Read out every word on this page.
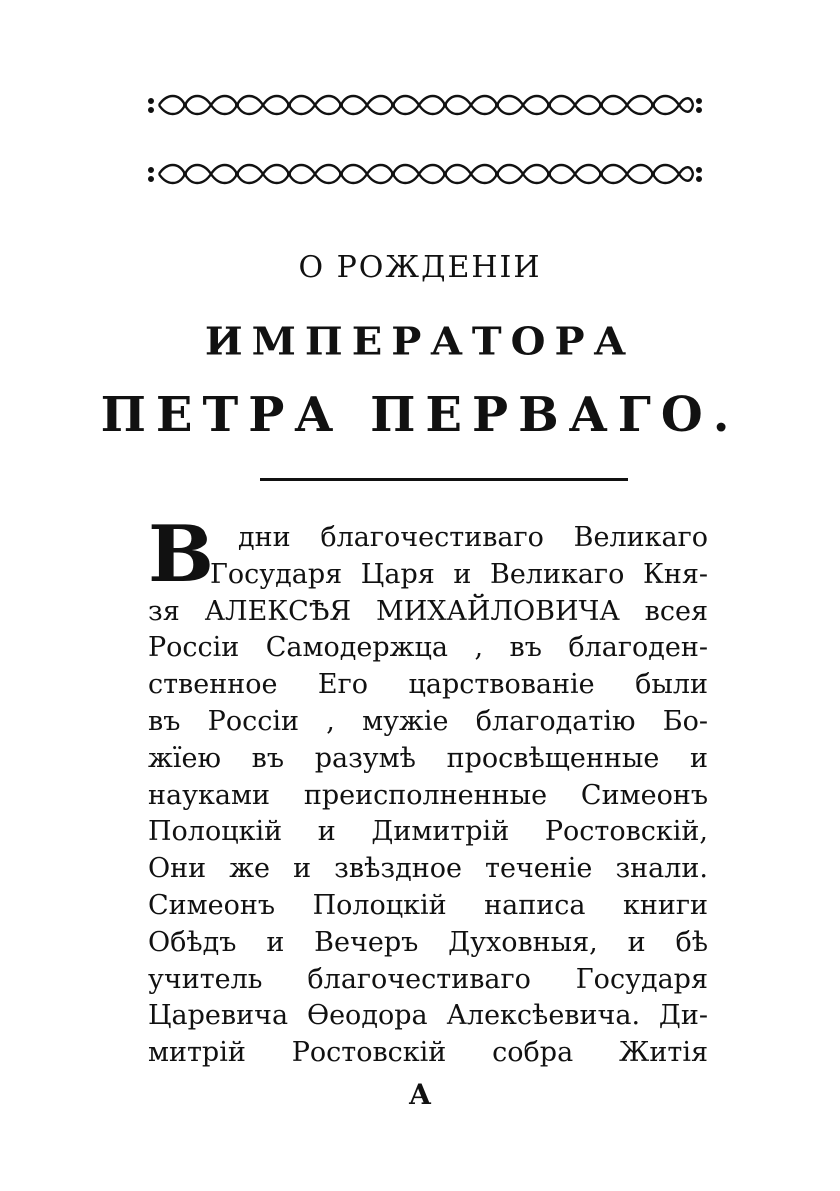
О РОЖДЕНІИ
ИМПЕРАТОРА
ПЕТРА ПЕРВАГО.
В
о дни благочестиваго Великаго
Государя Царя и Великаго Кня-
зя АЛЕКСѢЯ МИХАЙЛОВИЧА всея
Россіи Самодержца , въ благоден-
ственное Его царствованіе были
въ Россіи , мужіе благодатію Бо-
жїею въ разумѣ просвѣщенные и
науками преисполненные Симеонъ
Полоцкій и Димитрій Ростовскій,
Они же и звѣздное теченіе знали.
Симеонъ Полоцкій написа книги
Обѣдъ и Вечеръ Духовныя, и бѣ
учитель благочестиваго Государя
Царевича Ѳеодора Алексѣевича. Ди-
митрій Ростовскій собра Житія
А
